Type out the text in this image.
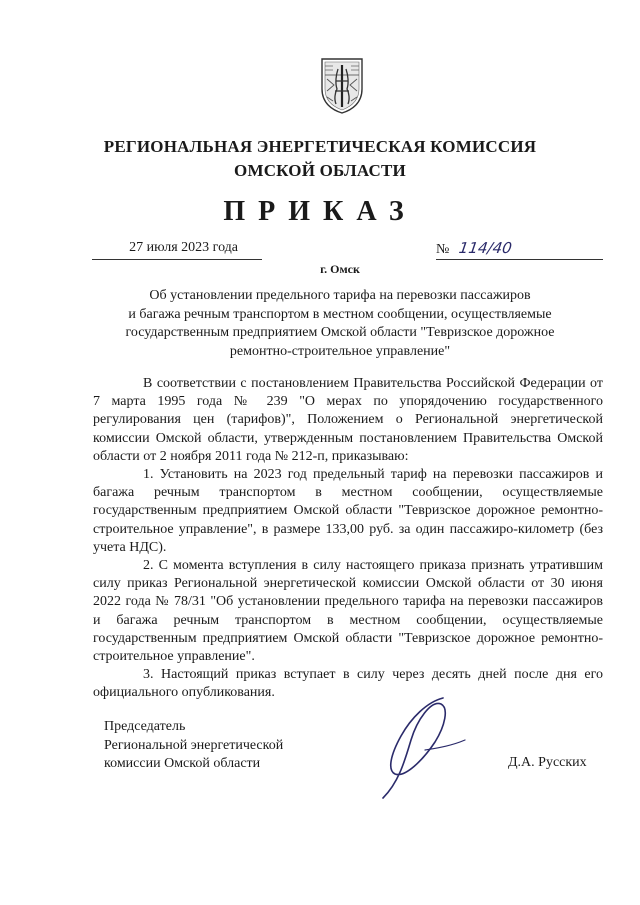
РЕГИОНАЛЬНАЯ ЭНЕРГЕТИЧЕСКАЯ КОМИССИЯ
ОМСКОЙ ОБЛАСТИ
ПРИКАЗ
27 июля 2023 года	№ 114/40
г. Омск
Об установлении предельного тарифа на перевозки пассажиров
и багажа речным транспортом в местном сообщении, осуществляемые
государственным предприятием Омской области "Тевризское дорожное
ремонтно-строительное управление"

В соответствии с постановлением Правительства Российской Федерации от 7 марта 1995 года № 239 "О мерах по упорядочению государственного регулирования цен (тарифов)", Положением о Региональной энергетической комиссии Омской области, утвержденным постановлением Правительства Омской области от 2 ноября 2011 года № 212-п, приказываю:

1. Установить на 2023 год предельный тариф на перевозки пассажиров и багажа речным транспортом в местном сообщении, осуществляемые государственным предприятием Омской области "Тевризское дорожное ремонтно-строительное управление", в размере 133,00 руб. за один пассажиро-километр (без учета НДС).

2. С момента вступления в силу настоящего приказа признать утратившим силу приказ Региональной энергетической комиссии Омской области от 30 июня 2022 года № 78/31 "Об установлении предельного тарифа на перевозки пассажиров и багажа речным транспортом в местном сообщении, осуществляемые государственным предприятием Омской области "Тевризское дорожное ремонтно-строительное управление".

3. Настоящий приказ вступает в силу через десять дней после дня его официального опубликования.

Председатель
Региональной энергетической
комиссии Омской области	Д.А. Русских
